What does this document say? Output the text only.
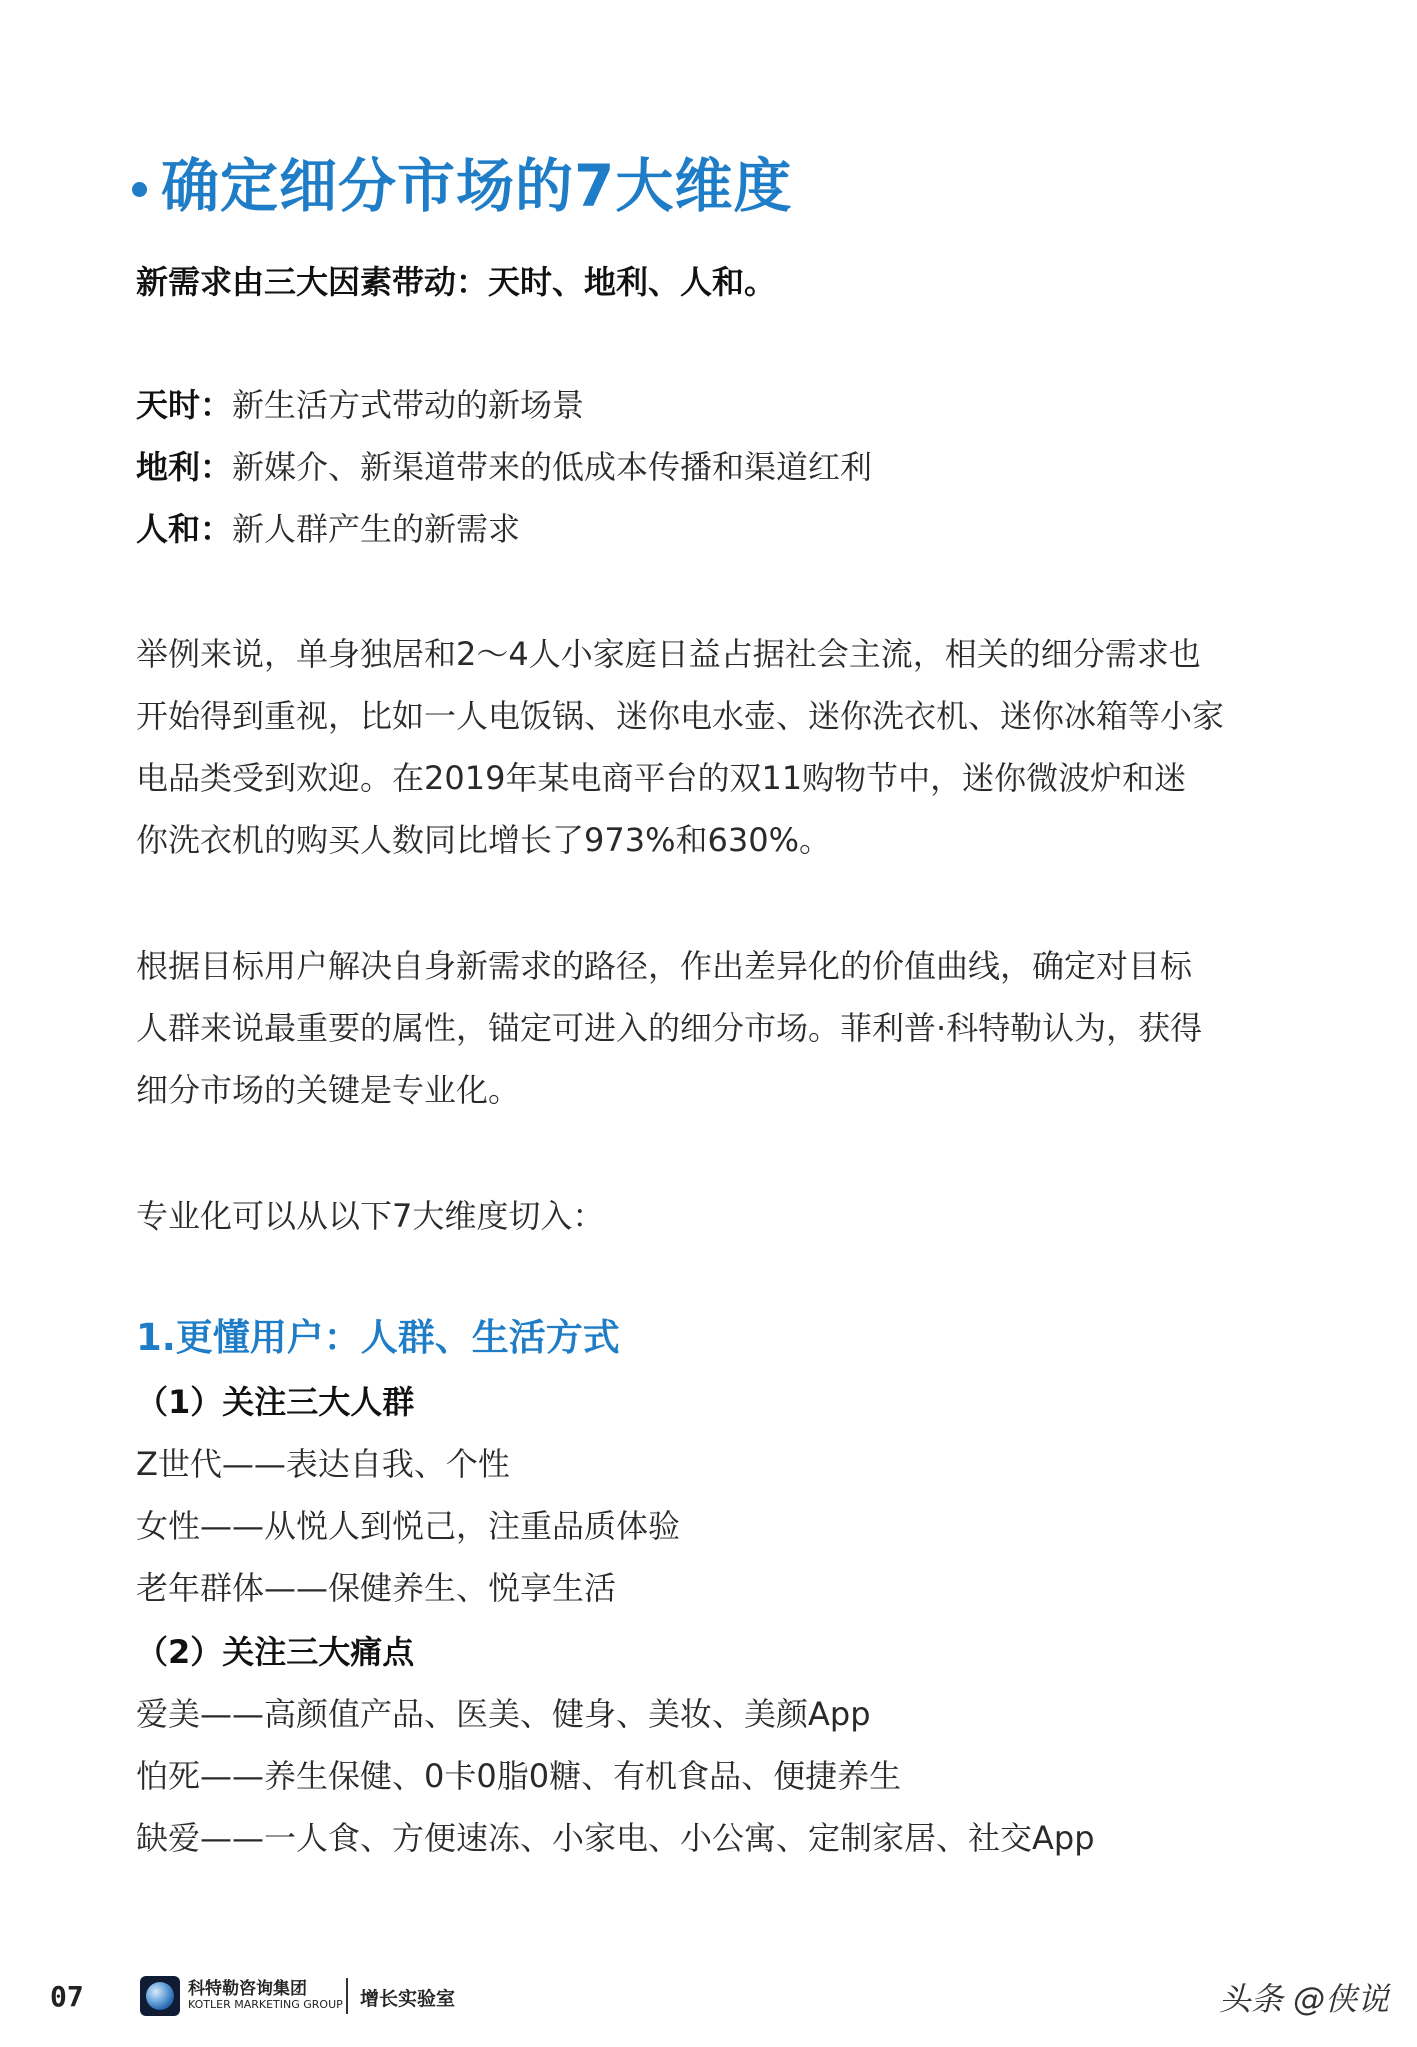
确定细分市场的7大维度
新需求由三大因素带动：天时、地利、人和。
天时：新生活方式带动的新场景
地利：新媒介、新渠道带来的低成本传播和渠道红利
人和：新人群产生的新需求
举例来说，单身独居和2～4人小家庭日益占据社会主流，相关的细分需求也
开始得到重视，比如一人电饭锅、迷你电水壶、迷你洗衣机、迷你冰箱等小家
电品类受到欢迎。在2019年某电商平台的双11购物节中，迷你微波炉和迷
你洗衣机的购买人数同比增长了973%和630%。
根据目标用户解决自身新需求的路径，作出差异化的价值曲线，确定对目标
人群来说最重要的属性，锚定可进入的细分市场。菲利普·科特勒认为，获得
细分市场的关键是专业化。
专业化可以从以下7大维度切入：
1.更懂用户：人群、生活方式
（1）关注三大人群
Z世代——表达自我、个性
女性——从悦人到悦己，注重品质体验
老年群体——保健养生、悦享生活
（2）关注三大痛点
爱美——高颜值产品、医美、健身、美妆、美颜App
怕死——养生保健、0卡0脂0糖、有机食品、便捷养生
缺爱——一人食、方便速冻、小家电、小公寓、定制家居、社交App
07	科特勒咨询集团
KOTLER MARKETING GROUP 增长实验室	头条 @侠说
